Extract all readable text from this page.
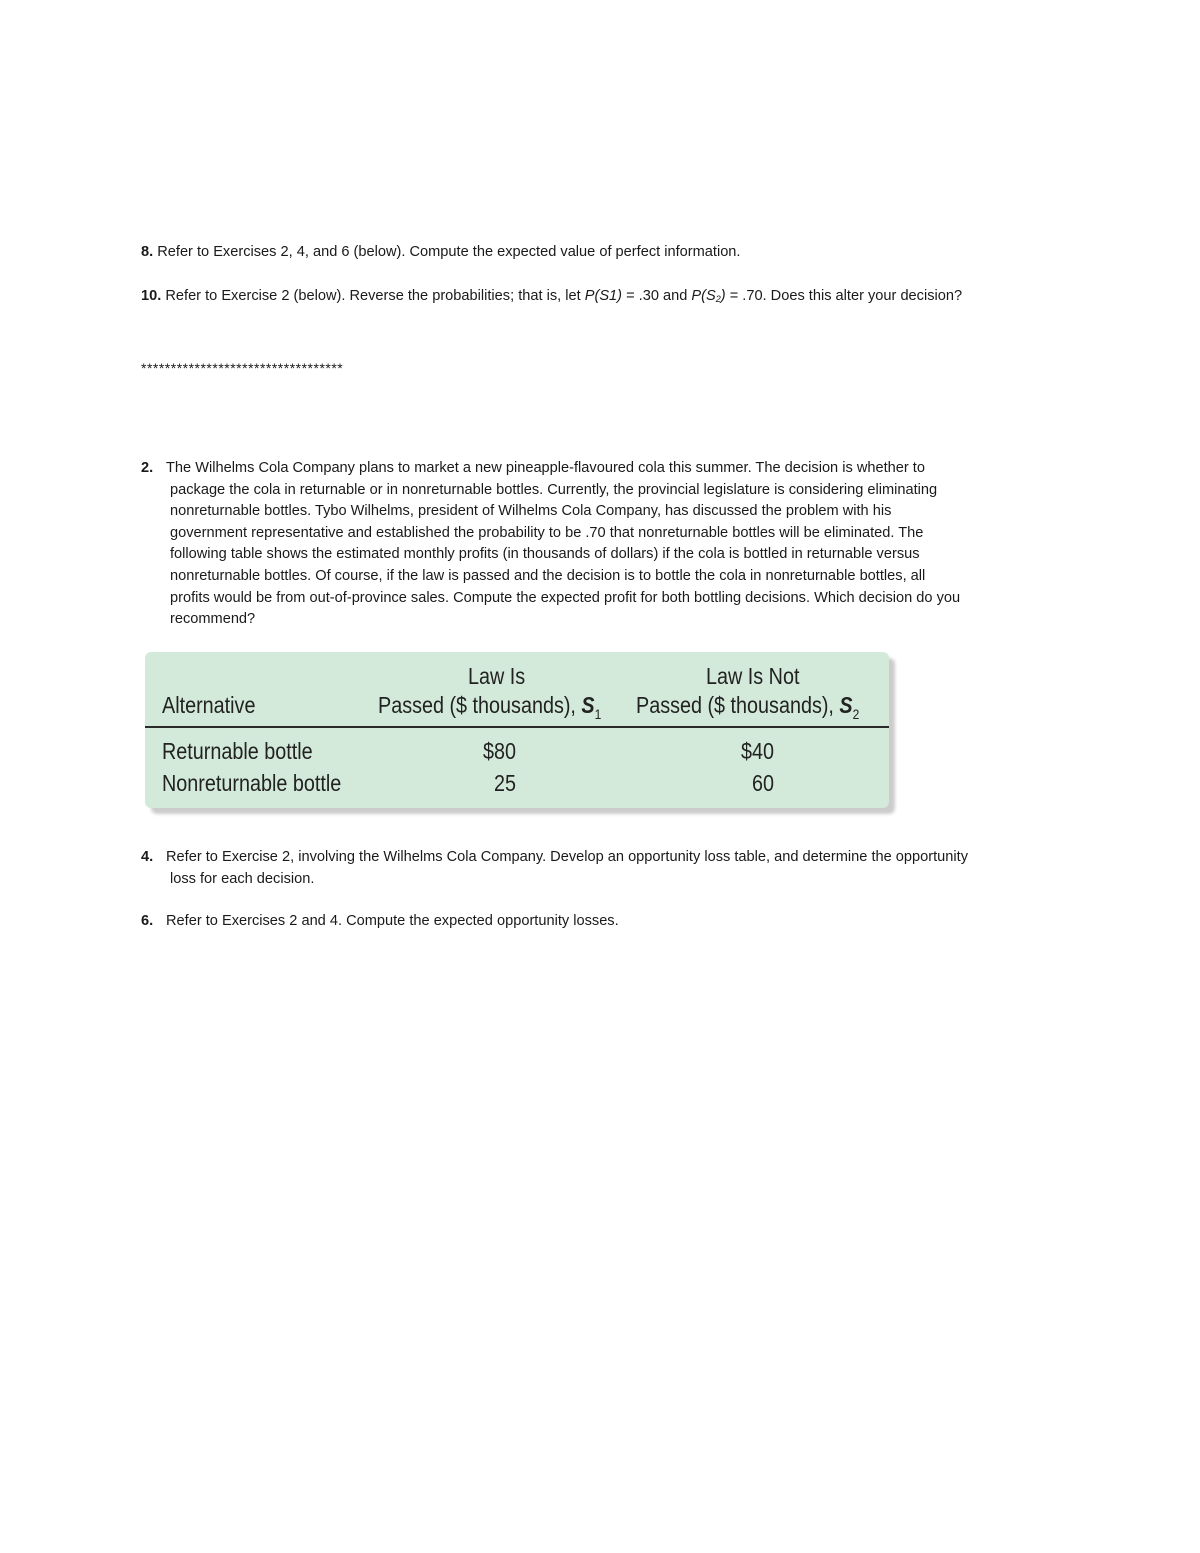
8. Refer to Exercises 2, 4, and 6 (below). Compute the expected value of perfect information.
10. Refer to Exercise 2 (below). Reverse the probabilities; that is, let P(S1) = .30 and $P(S_2) = .70$. Does this alter your decision?
**********************************
2. The Wilhelms Cola Company plans to market a new pineapple-flavoured cola this summer. The decision is whether to
package the cola in returnable or in nonreturnable bottles. Currently, the provincial legislature is considering eliminating
nonreturnable bottles. Tybo Wilhelms, president of Wilhelms Cola Company, has discussed the problem with his
government representative and established the probability to be .70 that nonreturnable bottles will be eliminated. The
following table shows the estimated monthly profits (in thousands of dollars) if the cola is bottled in returnable versus
nonreturnable bottles. Of course, if the law is passed and the decision is to bottle the cola in nonreturnable bottles, all
profits would be from out-of-province sales. Compute the expected profit for both bottling decisions. Which decision do you
recommend?
Alternative
Law Is
Passed ($ thousands), $S_1$
Law Is Not
Passed ($ thousands), $S_2$
Returnable bottle	$80	$40
Nonreturnable bottle	25	60
4. Refer to Exercise 2, involving the Wilhelms Cola Company. Develop an opportunity loss table, and determine the opportunity
loss for each decision.
6. Refer to Exercises 2 and 4. Compute the expected opportunity losses.
